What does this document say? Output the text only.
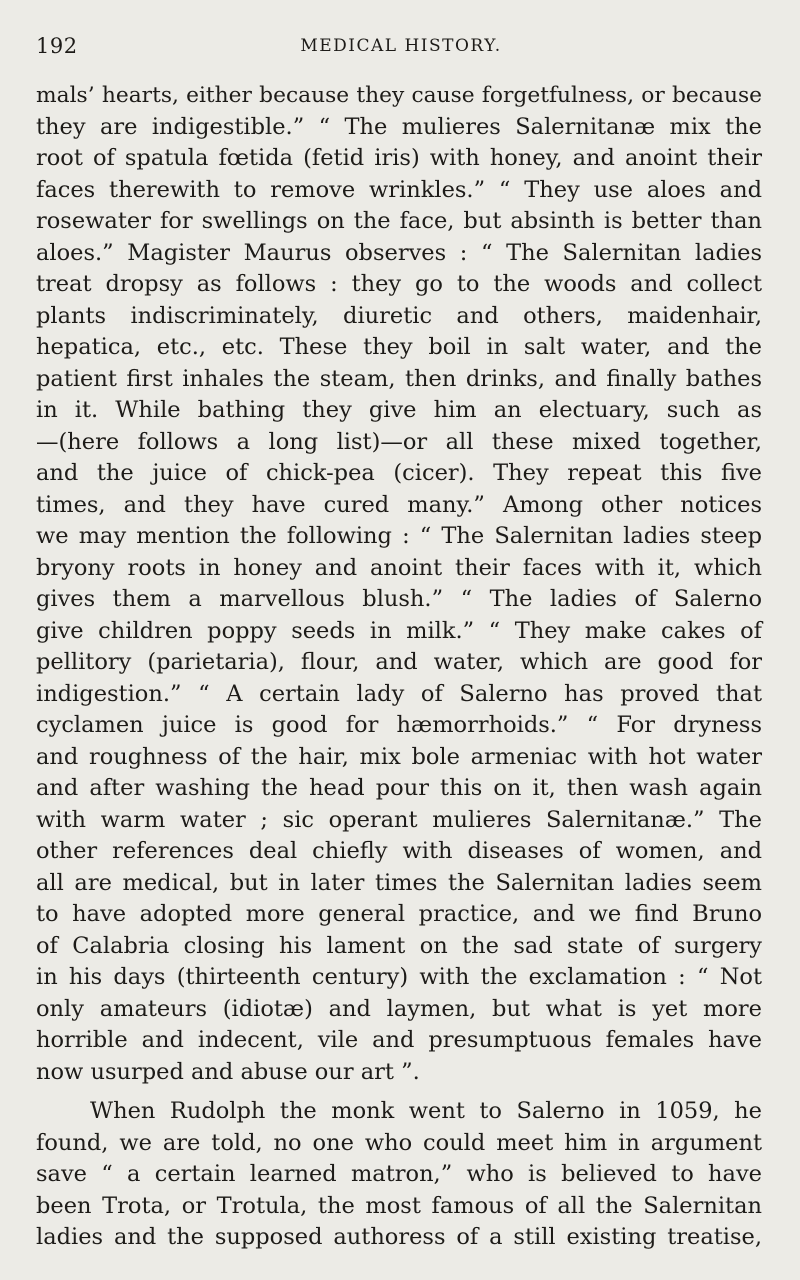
192	MEDICAL HISTORY.
mals’ hearts, either because they cause forgetfulness, or because
they are indigestible.” “ The mulieres Salernitanæ mix the
root of spatula fœtida (fetid iris) with honey, and anoint their
faces therewith to remove wrinkles.” “ They use aloes and
rosewater for swellings on the face, but absinth is better than
aloes.” Magister Maurus observes : “ The Salernitan ladies
treat dropsy as follows : they go to the woods and collect
plants indiscriminately, diuretic and others, maidenhair,
hepatica, etc., etc. These they boil in salt water, and the
patient first inhales the steam, then drinks, and finally bathes
in it. While bathing they give him an electuary, such as
—(here follows a long list)—or all these mixed together,
and the juice of chick-pea (cicer). They repeat this five
times, and they have cured many.” Among other notices
we may mention the following : “ The Salernitan ladies steep
bryony roots in honey and anoint their faces with it, which
gives them a marvellous blush.” “ The ladies of Salerno
give children poppy seeds in milk.” “ They make cakes of
pellitory (parietaria), flour, and water, which are good for
indigestion.” “ A certain lady of Salerno has proved that
cyclamen juice is good for hæmorrhoids.” “ For dryness
and roughness of the hair, mix bole armeniac with hot water
and after washing the head pour this on it, then wash again
with warm water ; sic operant mulieres Salernitanæ.” The
other references deal chiefly with diseases of women, and
all are medical, but in later times the Salernitan ladies seem
to have adopted more general practice, and we find Bruno
of Calabria closing his lament on the sad state of surgery
in his days (thirteenth century) with the exclamation : “ Not
only amateurs (idiotæ) and laymen, but what is yet more
horrible and indecent, vile and presumptuous females have
now usurped and abuse our art ”.
When Rudolph the monk went to Salerno in 1059, he
found, we are told, no one who could meet him in argument
save “ a certain learned matron,” who is believed to have
been Trota, or Trotula, the most famous of all the Salernitan
ladies and the supposed authoress of a still existing treatise,
